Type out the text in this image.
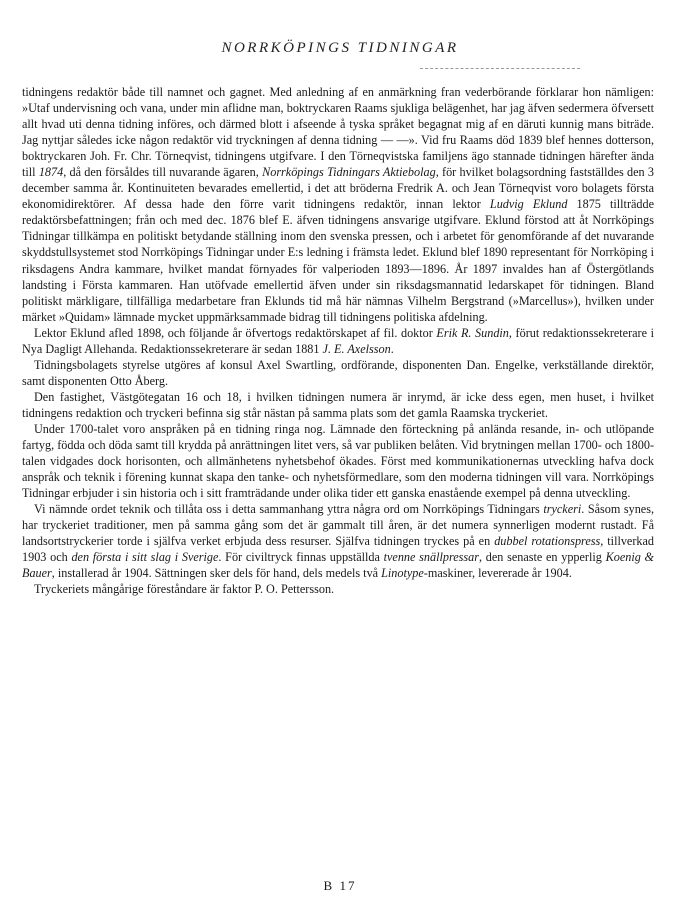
NORRKÖPINGS TIDNINGAR

tidningens redaktör både till namnet och gagnet. Med anledning af en anmärkning fran vederbörande förklarar hon nämligen: »Utaf undervisning och vana, under min aflidne man, boktryckaren Raams sjukliga belägenhet, har jag äfven sedermera öfversett allt hvad uti denna tidning införes, och därmed blott i afseende å tyska språket begagnat mig af en däruti kunnig mans biträde. Jag nyttjar således icke någon redaktör vid tryckningen af denna tidning — —». Vid fru Raams död 1839 blef hennes dotterson, boktryckaren Joh. Fr. Chr. Törneqvist, tidningens utgifvare. I den Törneqvistska familjens ägo stannade tidningen härefter ända till 1874, då den försåldes till nuvarande ägaren, Norrköpings Tidningars Aktiebolag, för hvilket bolagsordning fastställdes den 3 december samma år. Kontinuiteten bevarades emellertid, i det att bröderna Fredrik A. och Jean Törneqvist voro bolagets första ekonomidirektörer. Af dessa hade den förre varit tidningens redaktör, innan lektor Ludvig Eklund 1875 tillträdde redaktörsbefattningen; från och med dec. 1876 blef E. äfven tidningens ansvarige utgifvare. Eklund förstod att åt Norrköpings Tidningar tillkämpa en politiskt betydande ställning inom den svenska pressen, och i arbetet för genomförande af det nuvarande skyddstullsystemet stod Norrköpings Tidningar under E:s ledning i främsta ledet. Eklund blef 1890 representant för Norrköping i riksdagens Andra kammare, hvilket mandat förnyades för valperioden 1893—1896. År 1897 invaldes han af Östergötlands landsting i Första kammaren. Han utöfvade emellertid äfven under sin riksdagsmannatid ledarskapet för tidningen. Bland politiskt märkligare, tillfälliga medarbetare fran Eklunds tid må här nämnas Vilhelm Bergstrand (»Marcellus»), hvilken under märket »Quidam» lämnade mycket uppmärksammade bidrag till tidningens politiska afdelning.

Lektor Eklund afled 1898, och följande år öfvertogs redaktörskapet af fil. doktor Erik R. Sundin, förut redaktionssekreterare i Nya Dagligt Allehanda. Redaktionssekreterare är sedan 1881 J. E. Axelsson.

Tidningsbolagets styrelse utgöres af konsul Axel Swartling, ordförande, disponenten Dan. Engelke, verkställande direktör, samt disponenten Otto Åberg.

Den fastighet, Västgötegatan 16 och 18, i hvilken tidningen numera är inrymd, är icke dess egen, men huset, i hvilket tidningens redaktion och tryckeri befinna sig står nästan på samma plats som det gamla Raamska tryckeriet.

Under 1700-talet voro anspråken på en tidning ringa nog. Lämnade den förteckning på anlända resande, in- och utlöpande fartyg, födda och döda samt till krydda på anrättningen litet vers, så var publiken belåten. Vid brytningen mellan 1700- och 1800-talen vidgades dock horisonten, och allmänhetens nyhetsbehof ökades. Först med kommunikationernas utveckling hafva dock anspråk och teknik i förening kunnat skapa den tanke- och nyhetsförmedlare, som den moderna tidningen vill vara. Norrköpings Tidningar erbjuder i sin historia och i sitt framträdande under olika tider ett ganska enastående exempel på denna utveckling.

Vi nämnde ordet teknik och tillåta oss i detta sammanhang yttra några ord om Norrköpings Tidningars tryckeri. Såsom synes, har tryckeriet traditioner, men på samma gång som det är gammalt till åren, är det numera synnerligen modernt rustadt. Få landsortstryckerier torde i själfva verket erbjuda dess resurser. Själfva tidningen tryckes på en dubbel rotationspress, tillverkad 1903 och den första i sitt slag i Sverige. För civiltryck finnas uppställda tvenne snällpressar, den senaste en ypperlig Koenig & Bauer, installerad år 1904. Sättningen sker dels för hand, dels medels två Linotype-maskiner, levererade år 1904.

Tryckeriets mångårige föreståndare är faktor P. O. Pettersson.

B 17
